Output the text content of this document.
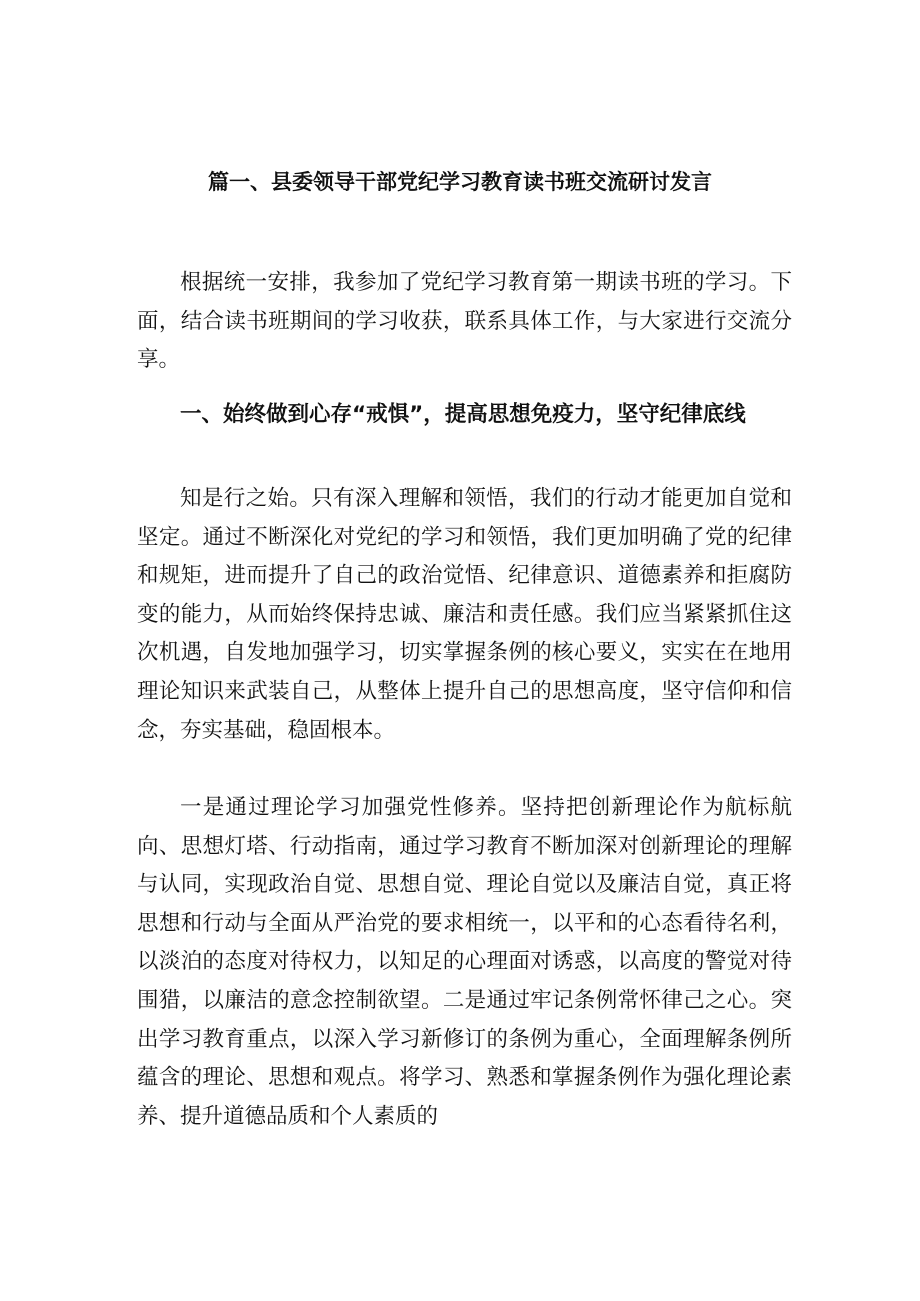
篇一、县委领导干部党纪学习教育读书班交流研讨发言

根据统一安排，我参加了党纪学习教育第一期读书班的学习。下面，结合读书班期间的学习收获，联系具体工作，与大家进行交流分享。

一、始终做到心存“戒惧”，提高思想免疫力，坚守纪律底线

知是行之始。只有深入理解和领悟，我们的行动才能更加自觉和坚定。通过不断深化对党纪的学习和领悟，我们更加明确了党的纪律和规矩，进而提升了自己的政治觉悟、纪律意识、道德素养和拒腐防变的能力，从而始终保持忠诚、廉洁和责任感。我们应当紧紧抓住这次机遇，自发地加强学习，切实掌握条例的核心要义，实实在在地用理论知识来武装自己，从整体上提升自己的思想高度，坚守信仰和信念，夯实基础，稳固根本。

一是通过理论学习加强党性修养。坚持把创新理论作为航标航向、思想灯塔、行动指南，通过学习教育不断加深对创新理论的理解与认同，实现政治自觉、思想自觉、理论自觉以及廉洁自觉，真正将思想和行动与全面从严治党的要求相统一，以平和的心态看待名利，以淡泊的态度对待权力，以知足的心理面对诱惑，以高度的警觉对待围猎，以廉洁的意念控制欲望。二是通过牢记条例常怀律己之心。突出学习教育重点，以深入学习新修订的条例为重心，全面理解条例所蕴含的理论、思想和观点。将学习、熟悉和掌握条例作为强化理论素养、提升道德品质和个人素质的
